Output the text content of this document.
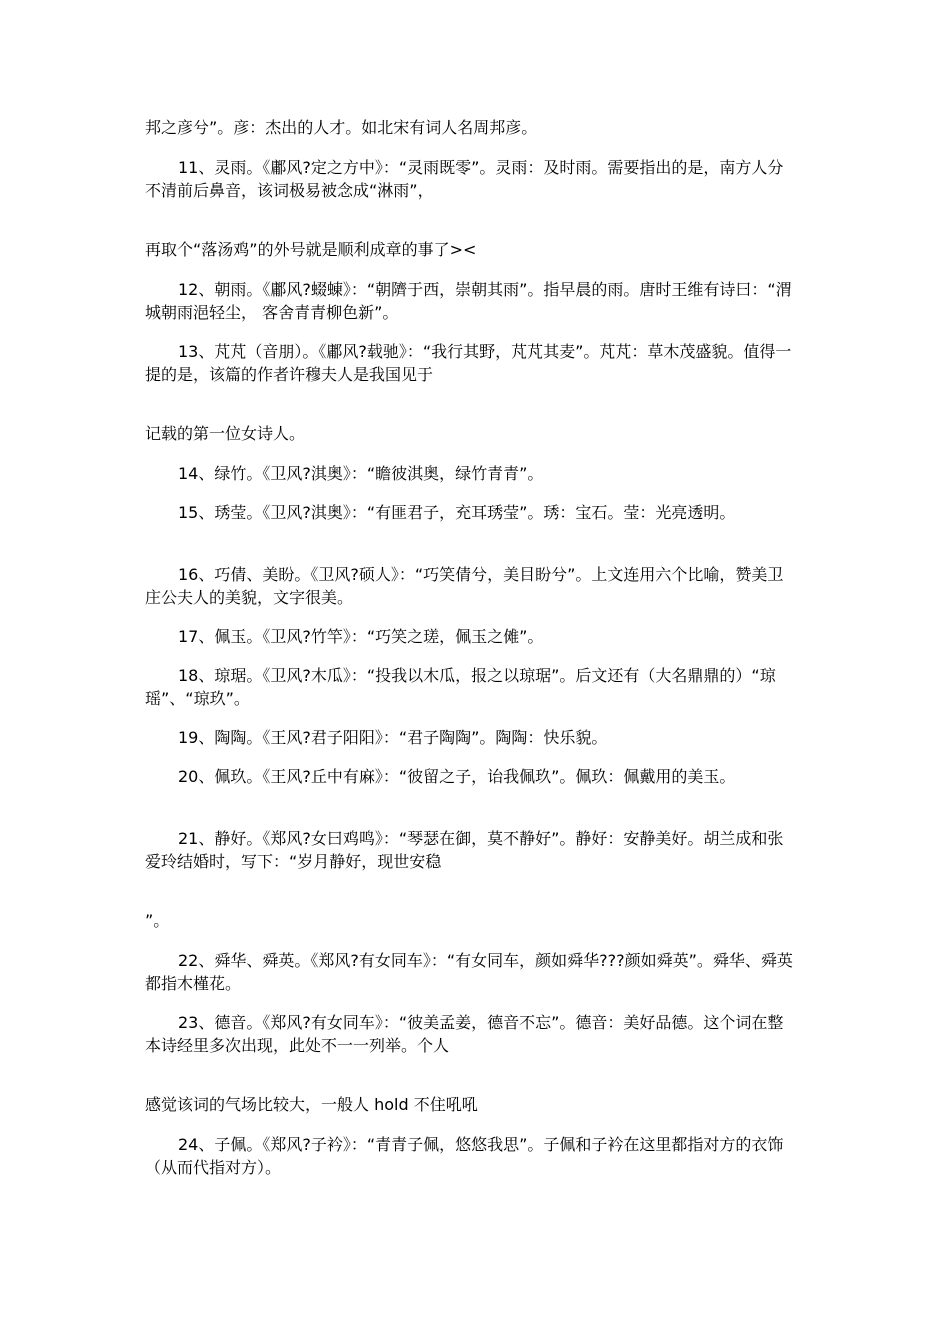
邦之彦兮”。彦：杰出的人才。如北宋有词人名周邦彦。

11、灵雨。《鄘风?定之方中》：“灵雨既零”。灵雨：及时雨。需要指出的是，南方人分不清前后鼻音，该词极易被念成“淋雨”，

再取个“落汤鸡”的外号就是顺利成章的事了><

12、朝雨。《鄘风?蝃蝀》：“朝隮于西，崇朝其雨”。指早晨的雨。唐时王维有诗曰：“渭城朝雨浥轻尘， 客舍青青柳色新”。

13、芃芃（音朋）。《鄘风?载驰》：“我行其野，芃芃其麦”。芃芃：草木茂盛貌。值得一提的是，该篇的作者许穆夫人是我国见于

记载的第一位女诗人。

14、绿竹。《卫风?淇奥》：“瞻彼淇奥，绿竹青青”。

15、琇莹。《卫风?淇奥》：“有匪君子，充耳琇莹”。琇：宝石。莹：光亮透明。

16、巧倩、美盼。《卫风?硕人》：“巧笑倩兮，美目盼兮”。上文连用六个比喻，赞美卫庄公夫人的美貌，文字很美。

17、佩玉。《卫风?竹竿》：“巧笑之瑳，佩玉之傩”。

18、琼琚。《卫风?木瓜》：“投我以木瓜，报之以琼琚”。后文还有（大名鼎鼎的）“琼瑶”、“琼玖”。

19、陶陶。《王风?君子阳阳》：“君子陶陶”。陶陶：快乐貌。

20、佩玖。《王风?丘中有麻》：“彼留之子，诒我佩玖”。佩玖：佩戴用的美玉。

21、静好。《郑风?女曰鸡鸣》：“琴瑟在御，莫不静好”。静好：安静美好。胡兰成和张爱玲结婚时，写下：“岁月静好，现世安稳

”。

22、舜华、舜英。《郑风?有女同车》：“有女同车，颜如舜华???颜如舜英”。舜华、舜英都指木槿花。

23、德音。《郑风?有女同车》：“彼美孟姜，德音不忘”。德音：美好品德。这个词在整本诗经里多次出现，此处不一一列举。个人

感觉该词的气场比较大，一般人 hold 不住吼吼

24、子佩。《郑风?子衿》：“青青子佩，悠悠我思”。子佩和子衿在这里都指对方的衣饰（从而代指对方）。
